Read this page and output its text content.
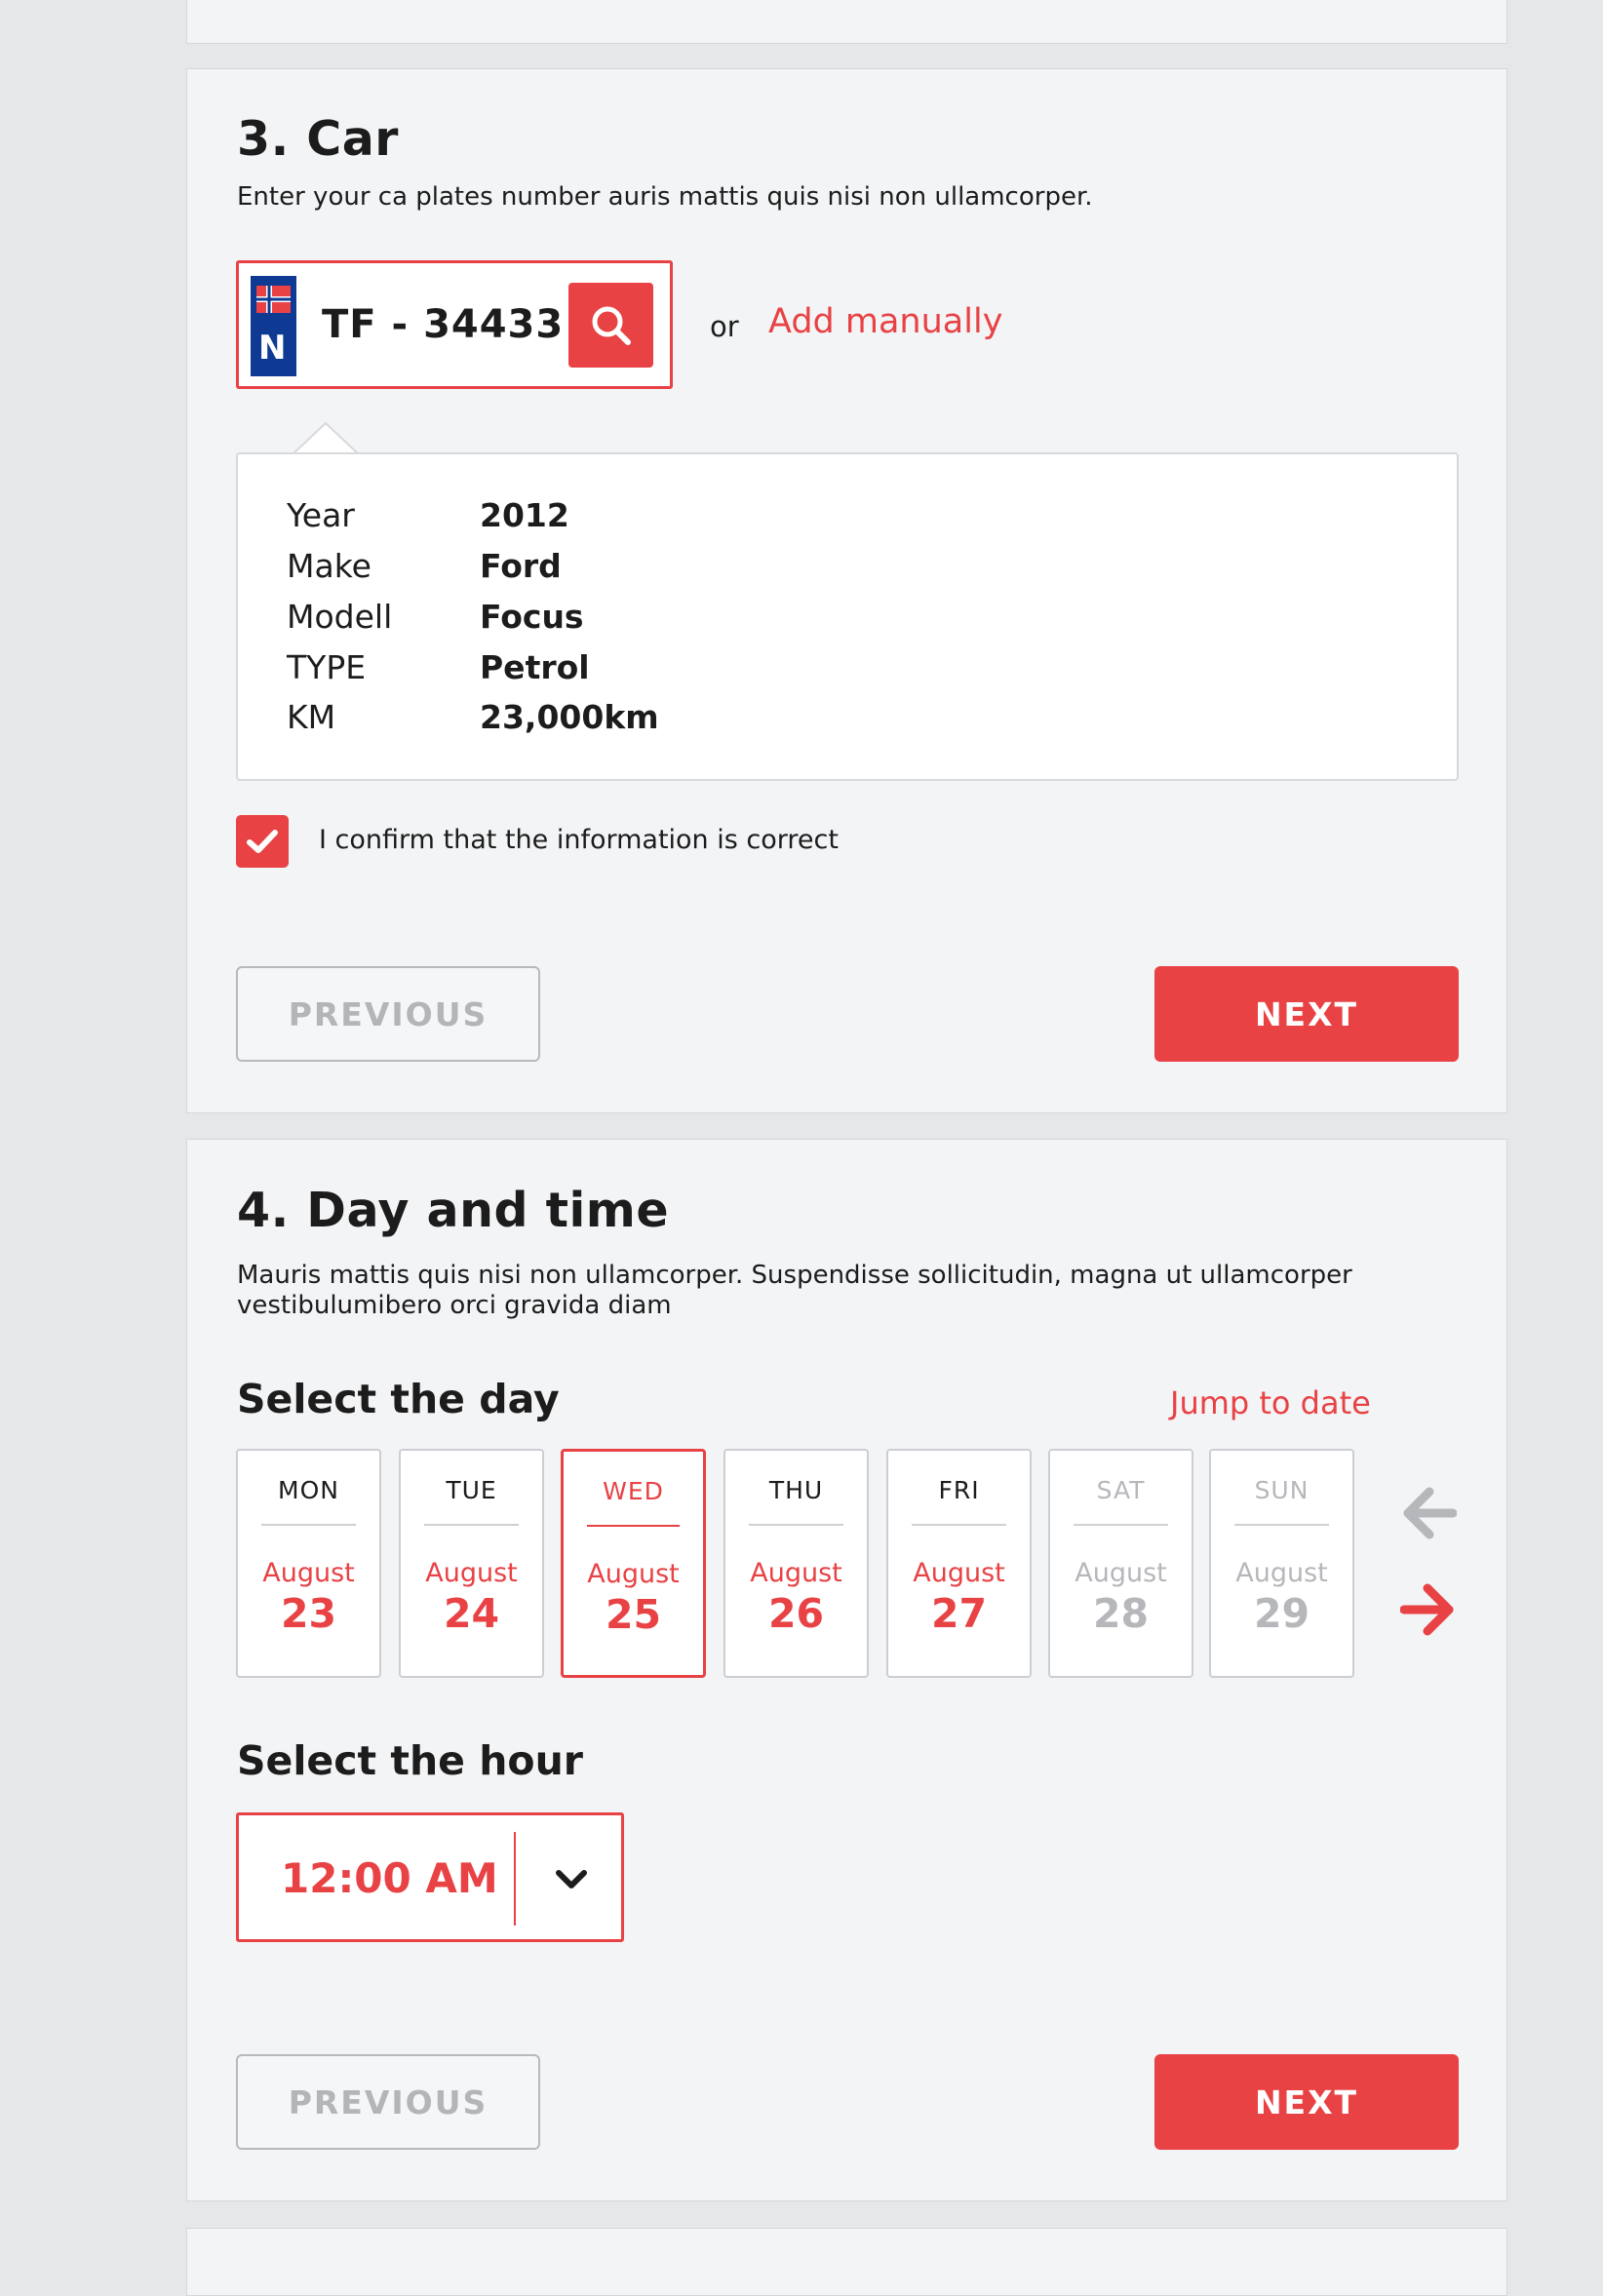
3. Car
Enter your ca plates number auris mattis quis nisi non ullamcorper.
N
TF - 34433	or Add manually
Year	2012
Make	Ford
Modell	Focus
TYPE	Petrol
KM	23,000km
I confirm that the information is correct
PREVIOUS	NEXT
4. Day and time
Mauris mattis quis nisi non ullamcorper. Suspendisse sollicitudin, magna ut ullamcorper
vestibulumibero orci gravida diam
Select the day	Jump to date
MON
August
23
TUE
August
24
WED
August
25
THU
August
26
FRI
August
27
SAT
August
28
SUN
August
29
Select the hour
12:00 AM
PREVIOUS	NEXT
